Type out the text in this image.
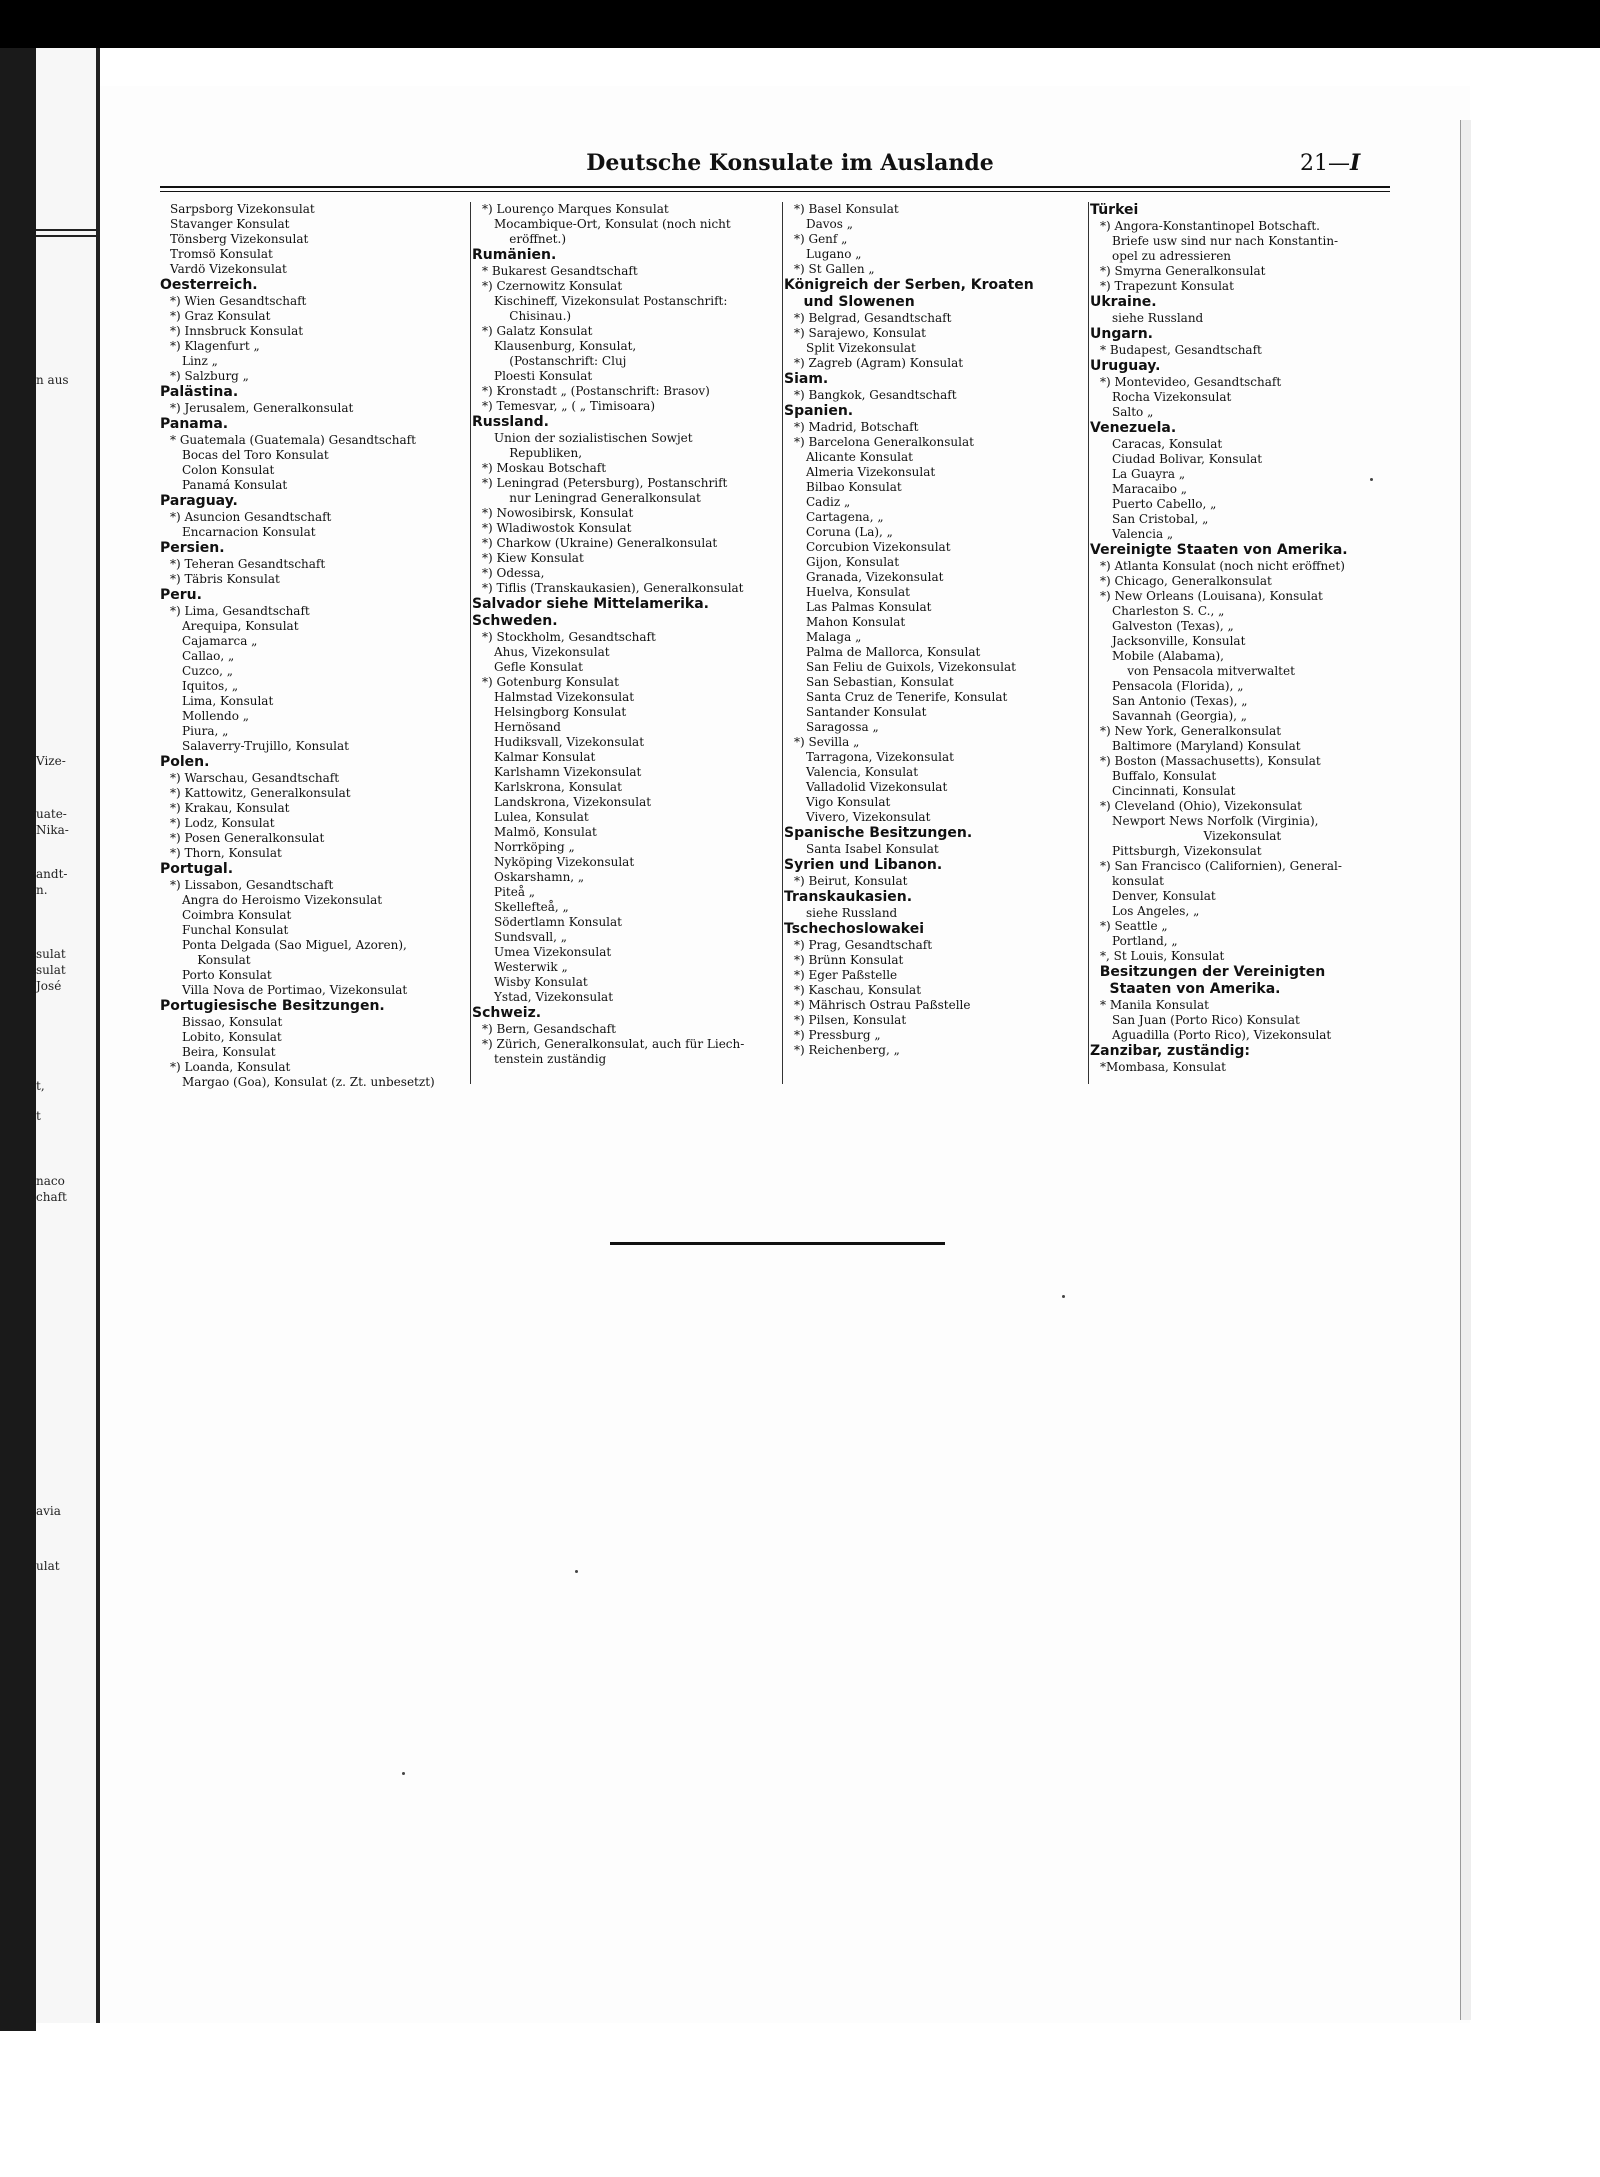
n aus
Vize-
uate-
Nika-
andt-
n.
sulat
sulat
José
t,
t
naco
chaft
avia
ulat
Deutsche Konsulate im Auslande	21—I
Sarpsborg Vizekonsulat
Stavanger Konsulat
Tönsberg Vizekonsulat
Tromsö Konsulat
Vardö Vizekonsulat
Oesterreich.
*) Wien Gesandtschaft
*) Graz Konsulat
*) Innsbruck Konsulat
*) Klagenfurt „
Linz „
*) Salzburg „
Palästina.
*) Jerusalem, Generalkonsulat
Panama.
* Guatemala (Guatemala) Gesandtschaft
Bocas del Toro Konsulat
Colon Konsulat
Panamá Konsulat
Paraguay.
*) Asuncion Gesandtschaft
Encarnacion Konsulat
Persien.
*) Teheran Gesandtschaft
*) Täbris Konsulat
Peru.
*) Lima, Gesandtschaft
Arequipa, Konsulat
Cajamarca „
Callao, „
Cuzco, „
Iquitos, „
Lima, Konsulat
Mollendo „
Piura, „
Salaverry-Trujillo, Konsulat
Polen.
*) Warschau, Gesandtschaft
*) Kattowitz, Generalkonsulat
*) Krakau, Konsulat
*) Lodz, Konsulat
*) Posen Generalkonsulat
*) Thorn, Konsulat
Portugal.
*) Lissabon, Gesandtschaft
Angra do Heroismo Vizekonsulat
Coimbra Konsulat
Funchal Konsulat
Ponta Delgada (Sao Miguel, Azoren),
Konsulat
Porto Konsulat
Villa Nova de Portimao, Vizekonsulat
Portugiesische Besitzungen.
Bissao, Konsulat
Lobito, Konsulat
Beira, Konsulat
*) Loanda, Konsulat
Margao (Goa), Konsulat (z. Zt. unbesetzt)
*) Lourenço Marques Konsulat
Mocambique-Ort, Konsulat (noch nicht
eröffnet.)
Rumänien.
* Bukarest Gesandtschaft
*) Czernowitz Konsulat
Kischineff, Vizekonsulat Postanschrift:
Chisinau.)
*) Galatz Konsulat
Klausenburg, Konsulat,
(Postanschrift: Cluj
Ploesti Konsulat
*) Kronstadt „ (Postanschrift: Brasov)
*) Temesvar, „ ( „ Timisoara)
Russland.
Union der sozialistischen Sowjet
Republiken,
*) Moskau Botschaft
*) Leningrad (Petersburg), Postanschrift
nur Leningrad Generalkonsulat
*) Nowosibirsk, Konsulat
*) Wladiwostok Konsulat
*) Charkow (Ukraine) Generalkonsulat
*) Kiew Konsulat
*) Odessa,
*) Tiflis (Transkaukasien), Generalkonsulat
Salvador siehe Mittelamerika.
Schweden.
*) Stockholm, Gesandtschaft
Ahus, Vizekonsulat
Gefle Konsulat
*) Gotenburg Konsulat
Halmstad Vizekonsulat
Helsingborg Konsulat
Hernösand
Hudiksvall, Vizekonsulat
Kalmar Konsulat
Karlshamn Vizekonsulat
Karlskrona, Konsulat
Landskrona, Vizekonsulat
Lulea, Konsulat
Malmö, Konsulat
Norrköping „
Nyköping Vizekonsulat
Oskarshamn, „
Piteå „
Skellefteå, „
Södertlamn Konsulat
Sundsvall, „
Umea Vizekonsulat
Westerwik „
Wisby Konsulat
Ystad, Vizekonsulat
Schweiz.
*) Bern, Gesandschaft
*) Zürich, Generalkonsulat, auch für Liech-
tenstein zuständig
*) Basel Konsulat
Davos „
*) Genf „
Lugano „
*) St Gallen „
Königreich der Serben, Kroaten
und Slowenen
*) Belgrad, Gesandtschaft
*) Sarajewo, Konsulat
Split Vizekonsulat
*) Zagreb (Agram) Konsulat
Siam.
*) Bangkok, Gesandtschaft
Spanien.
*) Madrid, Botschaft
*) Barcelona Generalkonsulat
Alicante Konsulat
Almeria Vizekonsulat
Bilbao Konsulat
Cadiz „
Cartagena, „
Coruna (La), „
Corcubion Vizekonsulat
Gijon, Konsulat
Granada, Vizekonsulat
Huelva, Konsulat
Las Palmas Konsulat
Mahon Konsulat
Malaga „
Palma de Mallorca, Konsulat
San Feliu de Guixols, Vizekonsulat
San Sebastian, Konsulat
Santa Cruz de Tenerife, Konsulat
Santander Konsulat
Saragossa „
*) Sevilla „
Tarragona, Vizekonsulat
Valencia, Konsulat
Valladolid Vizekonsulat
Vigo Konsulat
Vivero, Vizekonsulat
Spanische Besitzungen.
Santa Isabel Konsulat
Syrien und Libanon.
*) Beirut, Konsulat
Transkaukasien.
siehe Russland
Tschechoslowakei
*) Prag, Gesandtschaft
*) Brünn Konsulat
*) Eger Paßstelle
*) Kaschau, Konsulat
*) Mährisch Ostrau Paßstelle
*) Pilsen, Konsulat
*) Pressburg „
*) Reichenberg, „
Türkei
*) Angora-Konstantinopel Botschaft.
Briefe usw sind nur nach Konstantin-
opel zu adressieren
*) Smyrna Generalkonsulat
*) Trapezunt Konsulat
Ukraine.
siehe Russland
Ungarn.
* Budapest, Gesandtschaft
Uruguay.
*) Montevideo, Gesandtschaft
Rocha Vizekonsulat
Salto „
Venezuela.
Caracas, Konsulat
Ciudad Bolivar, Konsulat
La Guayra „
Maracaibo „
Puerto Cabello, „
San Cristobal, „
Valencia „
Vereinigte Staaten von Amerika.
*) Atlanta Konsulat (noch nicht eröffnet)
*) Chicago, Generalkonsulat
*) New Orleans (Louisana), Konsulat
Charleston S. C., „
Galveston (Texas), „
Jacksonville, Konsulat
Mobile (Alabama),
von Pensacola mitverwaltet
Pensacola (Florida), „
San Antonio (Texas), „
Savannah (Georgia), „
*) New York, Generalkonsulat
Baltimore (Maryland) Konsulat
*) Boston (Massachusetts), Konsulat
Buffalo, Konsulat
Cincinnati, Konsulat
*) Cleveland (Ohio), Vizekonsulat
Newport News Norfolk (Virginia),
Vizekonsulat
Pittsburgh, Vizekonsulat
*) San Francisco (Californien), General-
konsulat
Denver, Konsulat
Los Angeles, „
*) Seattle „
Portland, „
*, St Louis, Konsulat
Besitzungen der Vereinigten
Staaten von Amerika.
* Manila Konsulat
San Juan (Porto Rico) Konsulat
Aguadilla (Porto Rico), Vizekonsulat
Zanzibar, zuständig:
*Mombasa, Konsulat
